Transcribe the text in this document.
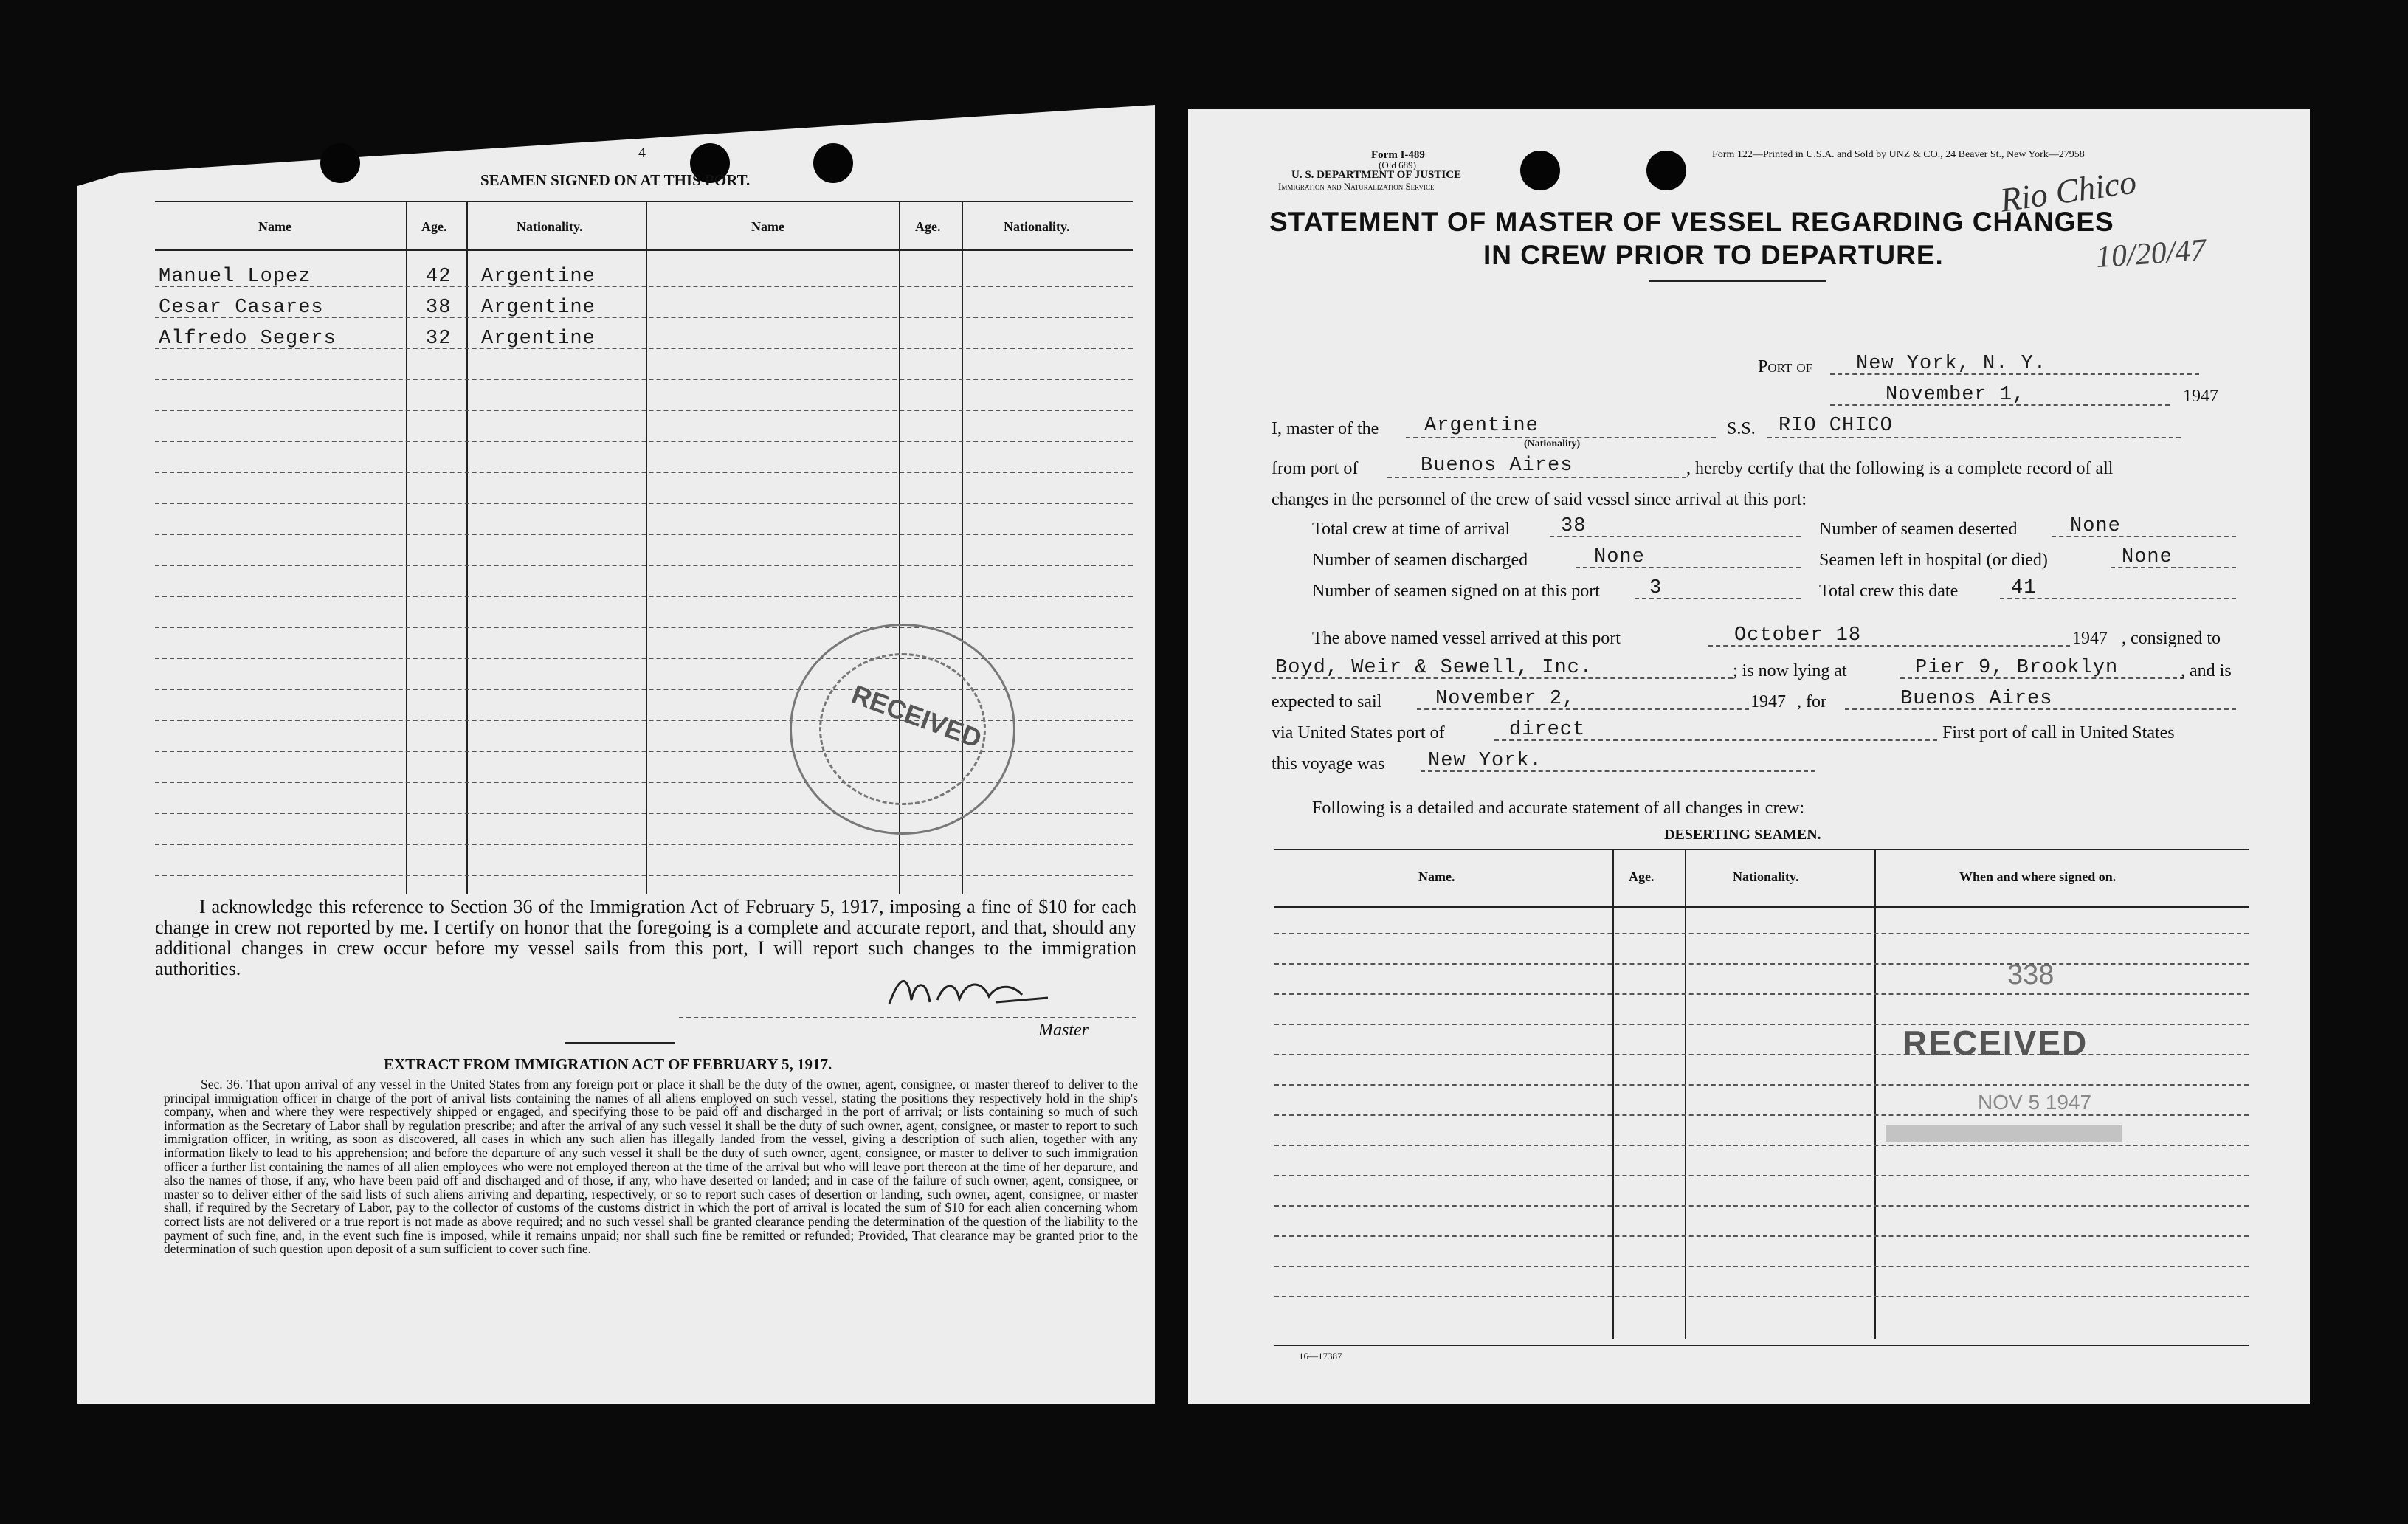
4
SEAMEN SIGNED ON AT THIS PORT.
Name	Age.	Nationality.	Name	Age.	Nationality.
Manuel Lopez	42 Argentine
Cesar Casares	38 Argentine
Alfredo Segers	32 Argentine
RECEIVED
I acknowledge this reference to Section 36 of the Immigration Act of February 5, 1917, imposing a fine of $10 for each change in crew not reported by me. I certify on honor that the foregoing is a complete and accurate report, and that, should any additional changes in crew occur before my vessel sails from this port, I will report such changes to the immigration authorities.
Master
EXTRACT FROM IMMIGRATION ACT OF FEBRUARY 5, 1917.
Sec. 36. That upon arrival of any vessel in the United States from any foreign port or place it shall be the duty of the owner, agent, consignee, or master thereof to deliver to the principal immigration officer in charge of the port of arrival lists containing the names of all aliens employed on such vessel, stating the positions they respectively hold in the ship's company, when and where they were respectively shipped or engaged, and specifying those to be paid off and discharged in the port of arrival; or lists containing so much of such information as the Secretary of Labor shall by regulation prescribe; and after the arrival of any such vessel it shall be the duty of such owner, agent, consignee, or master to report to such immigration officer, in writing, as soon as discovered, all cases in which any such alien has illegally landed from the vessel, giving a description of such alien, together with any information likely to lead to his apprehension; and before the departure of any such vessel it shall be the duty of such owner, agent, consignee, or master to deliver to such immigration officer a further list containing the names of all alien employees who were not employed thereon at the time of the arrival but who will leave port thereon at the time of her departure, and also the names of those, if any, who have been paid off and discharged and of those, if any, who have deserted or landed; and in case of the failure of such owner, agent, consignee, or master so to deliver either of the said lists of such aliens arriving and departing, respectively, or so to report such cases of desertion or landing, such owner, agent, consignee, or master shall, if required by the Secretary of Labor, pay to the collector of customs of the customs district in which the port of arrival is located the sum of $10 for each alien concerning whom correct lists are not delivered or a true report is not made as above required; and no such vessel shall be granted clearance pending the determination of the question of the liability to the payment of such fine, and, in the event such fine is imposed, while it remains unpaid; nor shall such fine be remitted or refunded; Provided, That clearance may be granted prior to the determination of such question upon deposit of a sum sufficient to cover such fine.
Form I-489
(Old 689)
U. S. DEPARTMENT OF JUSTICE
Immigration and Naturalization Service
Form 122—Printed in U.S.A. and Sold by UNZ & CO., 24 Beaver St., New York—27958
Rio Chico
10/20/47
STATEMENT OF MASTER OF VESSEL REGARDING CHANGES
IN CREW PRIOR TO DEPARTURE.
Port of New York, N. Y.
November 1,	1947
I, master of the Argentine
(Nationality)
S.S. RIO CHICO
from port of	Buenos Aires	, hereby certify that the following is a complete record of all
changes in the personnel of the crew of said vessel since arrival at this port:
Total crew at time of arrival	38	Number of seamen deserted	None
Number of seamen discharged	None	Seamen left in hospital (or died)	None
Number of seamen signed on at this port 3	Total crew this date	41
The above named vessel arrived at this port	October 18	1947 , consigned to
Boyd, Weir & Sewell, Inc.	; is now lying at	Pier 9, Brooklyn	, and is
expected to sail	November 2,	1947 , for	Buenos Aires
via United States port of	direct	First port of call in United States
this voyage was New York.
Following is a detailed and accurate statement of all changes in crew:
DESERTING SEAMEN.
Name.	Age.	Nationality.	When and where signed on.
338
RECEIVED
NOV 5 1947
16—17387
